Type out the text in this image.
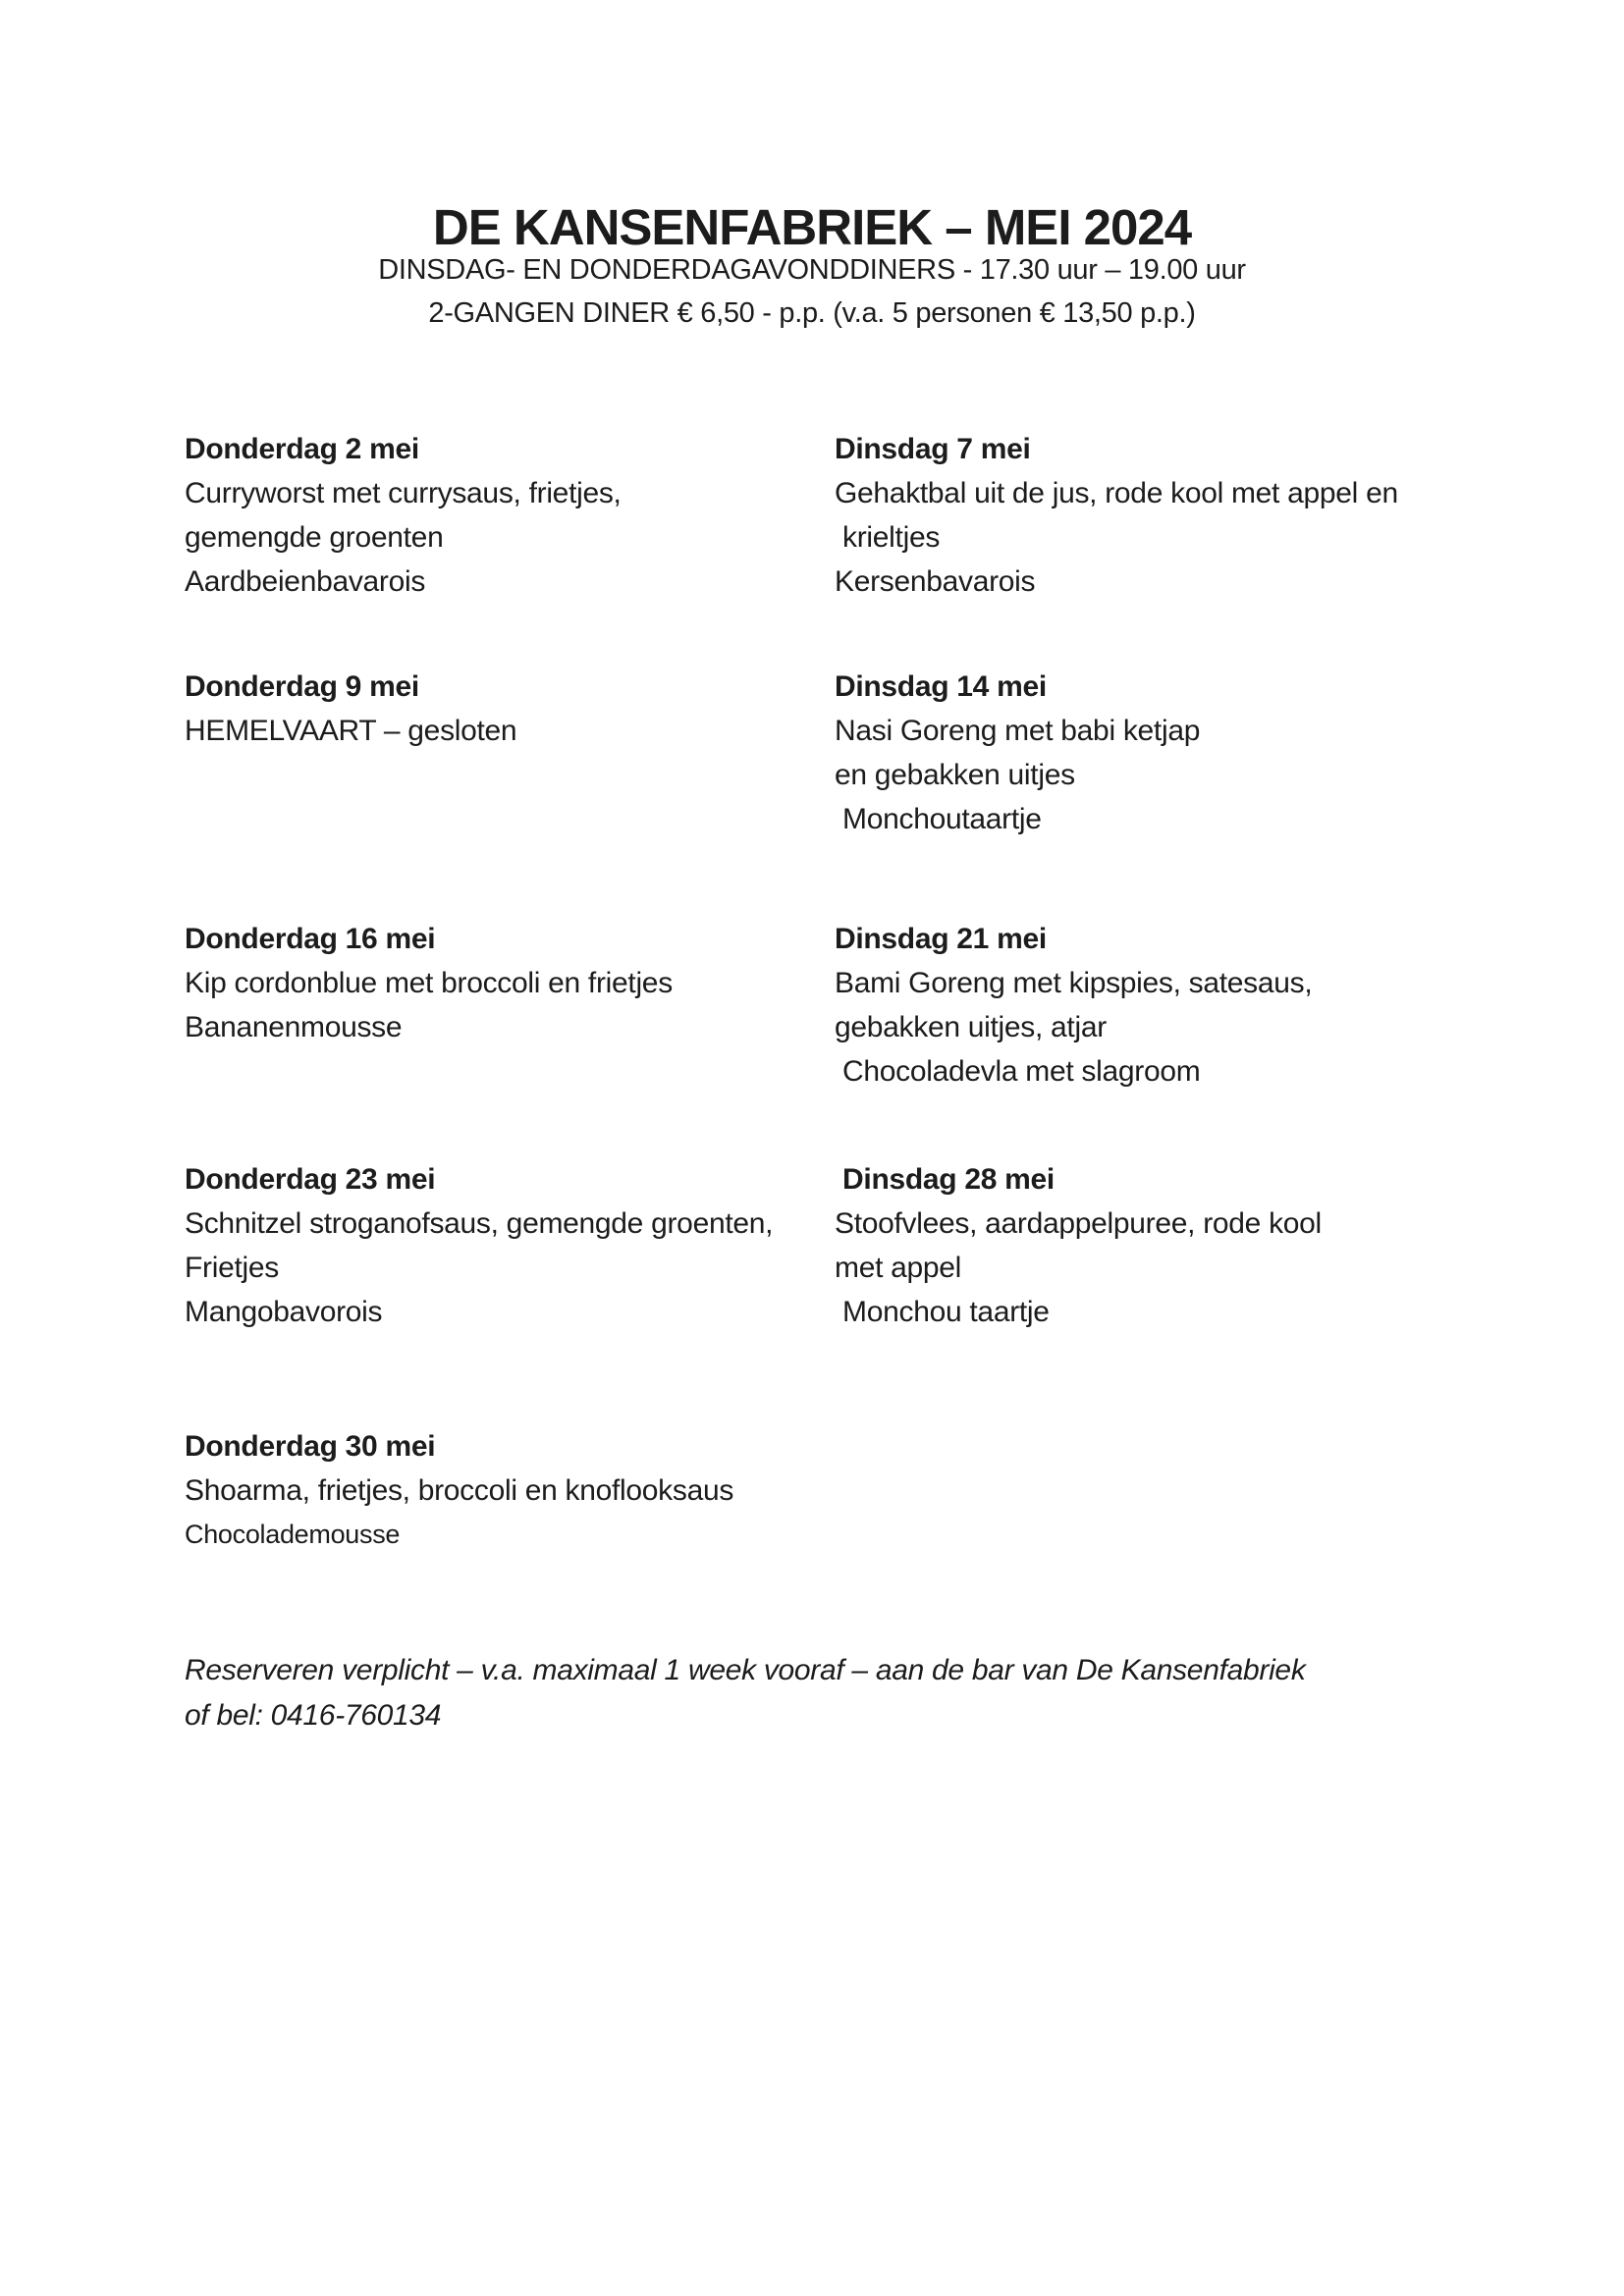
DE KANSENFABRIEK – MEI 2024
DINSDAG- EN DONDERDAGAVONDDINERS - 17.30 uur – 19.00 uur
2-GANGEN DINER € 6,50 - p.p. (v.a. 5 personen € 13,50 p.p.)
Donderdag 2 mei
Curryworst met currysaus, frietjes,
gemengde groenten
Aardbeienbavarois
Dinsdag 7 mei
Gehaktbal uit de jus, rode kool met appel en
krieltjes
Kersenbavarois
Donderdag 9 mei
HEMELVAART – gesloten
Dinsdag 14 mei
Nasi Goreng met babi ketjap
en gebakken uitjes
Monchoutaartje
Donderdag 16 mei
Kip cordonblue met broccoli en frietjes
Bananenmousse
Dinsdag 21 mei
Bami Goreng met kipspies, satesaus,
gebakken uitjes, atjar
Chocoladevla met slagroom
Donderdag 23 mei
Schnitzel stroganofsaus, gemengde groenten,
Frietjes
Mangobavorois
Dinsdag 28 mei
Stoofvlees, aardappelpuree, rode kool
met appel
Monchou taartje
Donderdag 30 mei
Shoarma, frietjes, broccoli en knoflooksaus
Chocolademousse
Reserveren verplicht – v.a. maximaal 1 week vooraf – aan de bar van De Kansenfabriek
of bel: 0416-760134
